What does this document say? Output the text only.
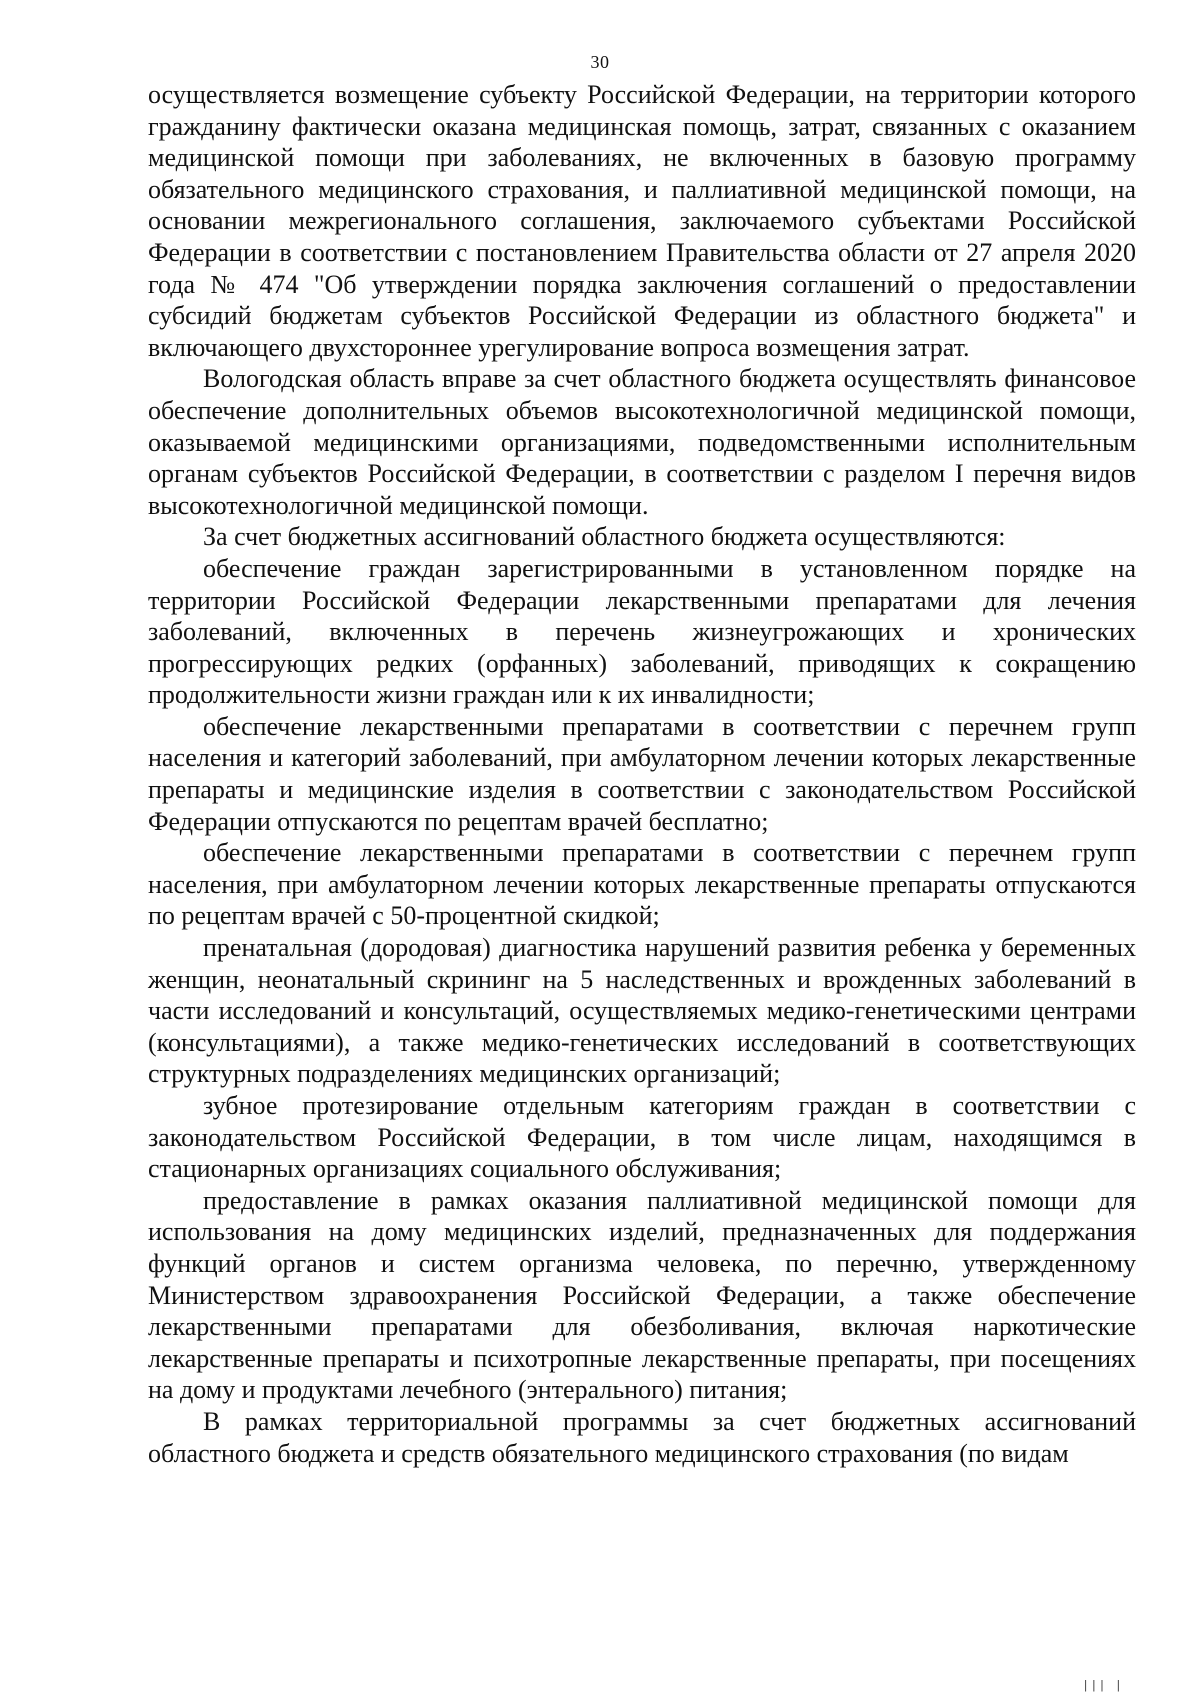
30

осуществляется возмещение субъекту Российской Федерации, на территории которого гражданину фактически оказана медицинская помощь, затрат, связанных с оказанием медицинской помощи при заболеваниях, не включенных в базовую программу обязательного медицинского страхования, и паллиативной медицинской помощи, на основании межрегионального соглашения, заключаемого субъектами Российской Федерации в соответствии с постановлением Правительства области от 27 апреля 2020 года № 474 "Об утверждении порядка заключения соглашений о предоставлении субсидий бюджетам субъектов Российской Федерации из областного бюджета" и включающего двухстороннее урегулирование вопроса возмещения затрат.

Вологодская область вправе за счет областного бюджета осуществлять финансовое обеспечение дополнительных объемов высокотехнологичной медицинской помощи, оказываемой медицинскими организациями, подведомственными исполнительным органам субъектов Российской Федерации, в соответствии с разделом I перечня видов высокотехнологичной медицинской помощи.

За счет бюджетных ассигнований областного бюджета осуществляются:

обеспечение граждан зарегистрированными в установленном порядке на территории Российской Федерации лекарственными препаратами для лечения заболеваний, включенных в перечень жизнеугрожающих и хронических прогрессирующих редких (орфанных) заболеваний, приводящих к сокращению продолжительности жизни граждан или к их инвалидности;

обеспечение лекарственными препаратами в соответствии с перечнем групп населения и категорий заболеваний, при амбулаторном лечении которых лекарственные препараты и медицинские изделия в соответствии с законодательством Российской Федерации отпускаются по рецептам врачей бесплатно;

обеспечение лекарственными препаратами в соответствии с перечнем групп населения, при амбулаторном лечении которых лекарственные препараты отпускаются по рецептам врачей с 50-процентной скидкой;

пренатальная (дородовая) диагностика нарушений развития ребенка у беременных женщин, неонатальный скрининг на 5 наследственных и врожденных заболеваний в части исследований и консультаций, осуществляемых медико-генетическими центрами (консультациями), а также медико-генетических исследований в соответствующих структурных подразделениях медицинских организаций;

зубное протезирование отдельным категориям граждан в соответствии с законодательством Российской Федерации, в том числе лицам, находящимся в стационарных организациях социального обслуживания;

предоставление в рамках оказания паллиативной медицинской помощи для использования на дому медицинских изделий, предназначенных для поддержания функций органов и систем организма человека, по перечню, утвержденному Министерством здравоохранения Российской Федерации, а также обеспечение лекарственными препаратами для обезболивания, включая наркотические лекарственные препараты и психотропные лекарственные препараты, при посещениях на дому и продуктами лечебного (энтерального) питания;

В рамках территориальной программы за счет бюджетных ассигнований областного бюджета и средств обязательного медицинского страхования (по видам

||| |
